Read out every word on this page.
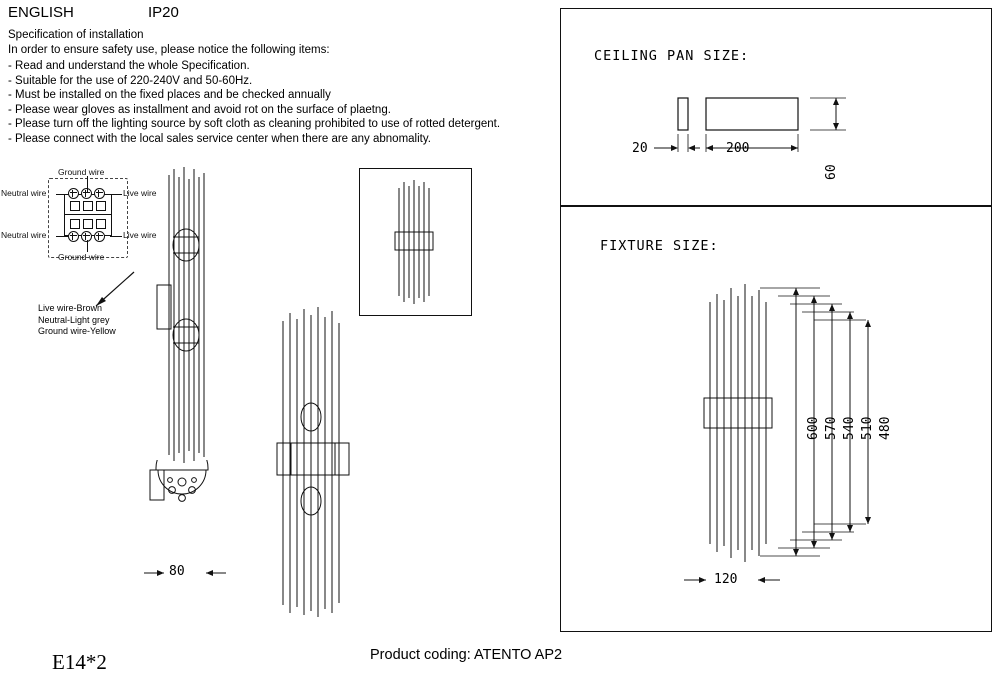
ENGLISH	IP20
Specification of installation
In order to ensure safety use, please notice the following items:
- Read and understand the whole Specification.
- Suitable for the use of 220-240V and 50-60Hz.
- Must be installed on the fixed places and be checked annually
- Please wear gloves as installment and avoid rot on the surface of plaetng.
- Please turn off the lighting source by soft cloth as cleaning prohibited to use of rotted detergent.
- Please connect with the local sales service center when there are any abnomality.
Ground wire
Neutral wire	Live wire
Neutral wire	Live wire
Ground wire
Live wire-Brown
Neutral-Light grey
Ground wire-Yellow
80
CEILING PAN SIZE:
20	200
60
FIXTURE SIZE:
600 570 540 510 480
120
E14*2	Product coding: ATENTO AP2
